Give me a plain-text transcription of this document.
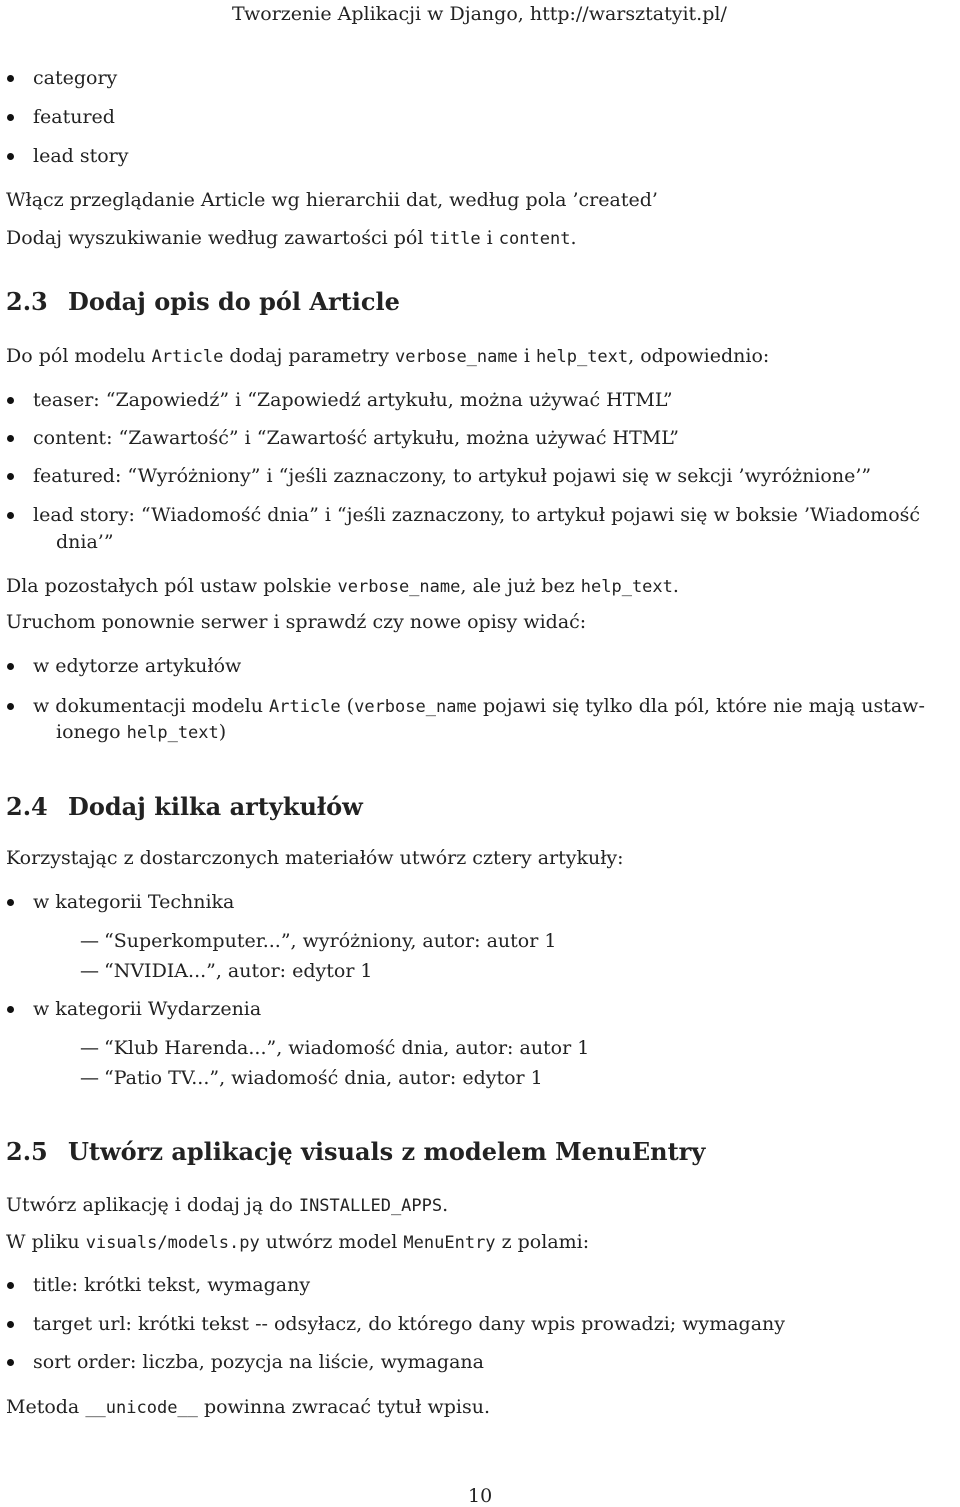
Tworzenie Aplikacji w Django, http://warsztatyit.pl/
category
featured
lead story
Włącz przeglądanie Article wg hierarchii dat, według pola ’created’
Dodaj wyszukiwanie według zawartości pól title i content.
2.3 Dodaj opis do pól Article
Do pól modelu Article dodaj parametry verbose_name i help_text, odpowiednio:
teaser: “Zapowiedź” i “Zapowiedź artykułu, można używać HTML”
content: “Zawartość” i “Zawartość artykułu, można używać HTML”
featured: “Wyróżniony” i “jeśli zaznaczony, to artykuł pojawi się w sekcji ’wyróżnione’”
lead story: “Wiadomość dnia” i “jeśli zaznaczony, to artykuł pojawi się w boksie ’Wiadomość
dnia’”
Dla pozostałych pól ustaw polskie verbose_name, ale już bez help_text.
Uruchom ponownie serwer i sprawdź czy nowe opisy widać:
w edytorze artykułów
w dokumentacji modelu Article (verbose_name pojawi się tylko dla pól, które nie mają ustaw-
ionego help_text)
2.4 Dodaj kilka artykułów
Korzystając z dostarczonych materiałów utwórz cztery artykuły:
w kategorii Technika
“Superkomputer...”, wyróżniony, autor: autor 1
“NVIDIA...”, autor: edytor 1
w kategorii Wydarzenia
“Klub Harenda...”, wiadomość dnia, autor: autor 1
“Patio TV...”, wiadomość dnia, autor: edytor 1
2.5 Utwórz aplikację visuals z modelem MenuEntry
Utwórz aplikację i dodaj ją do INSTALLED_APPS.
W pliku visuals/models.py utwórz model MenuEntry z polami:
title: krótki tekst, wymagany
target url: krótki tekst -- odsyłacz, do którego dany wpis prowadzi; wymagany
sort order: liczba, pozycja na liście, wymagana
Metoda __unicode__ powinna zwracać tytuł wpisu.
10
